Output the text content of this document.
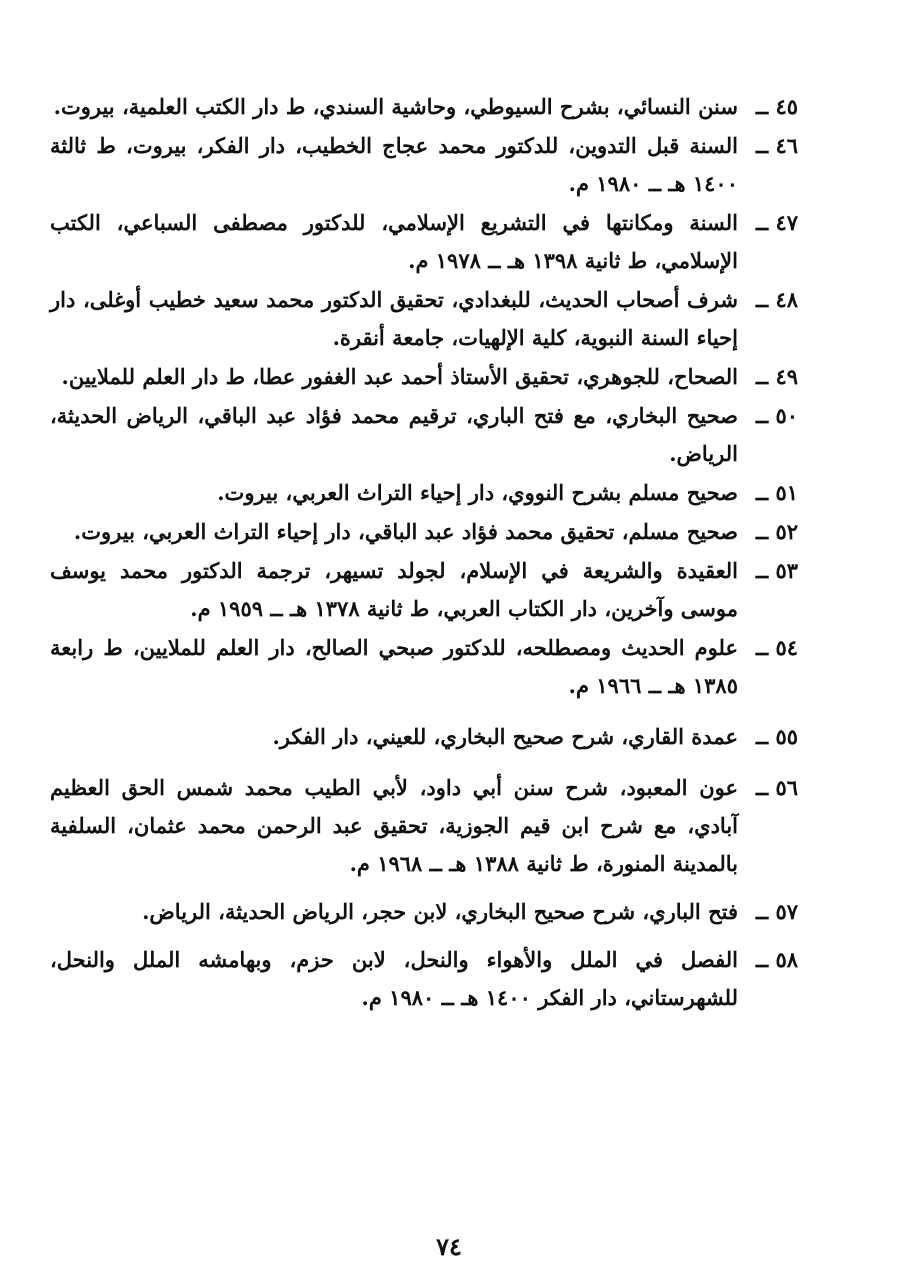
٤٥ ــ
سنن النسائي، بشرح السيوطي، وحاشية السندي، ط دار الكتب العلمية، بيروت.
٤٦ ــ
السنة قبل التدوين، للدكتور محمد عجاج الخطيب، دار الفكر، بيروت، ط ثالثة ١٤٠٠ هـ ــ ١٩٨٠ م.
٤٧ ــ
السنة ومكانتها في التشريع الإسلامي، للدكتور مصطفى السباعي، الكتب الإسلامي، ط ثانية ١٣٩٨ هـ ــ ١٩٧٨ م.
٤٨ ــ
شرف أصحاب الحديث، للبغدادي، تحقيق الدكتور محمد سعيد خطيب أوغلى، دار إحياء السنة النبوية، كلية الإلهيات، جامعة أنقرة.
٤٩ ــ
الصحاح، للجوهري، تحقيق الأستاذ أحمد عبد الغفور عطا، ط دار العلم للملايين.
٥٠ ــ
صحيح البخاري، مع فتح الباري، ترقيم محمد فؤاد عبد الباقي، الرياض الحديثة، الرياض.
٥١ ــ
صحيح مسلم بشرح النووي، دار إحياء التراث العربي، بيروت.
٥٢ ــ
صحيح مسلم، تحقيق محمد فؤاد عبد الباقي، دار إحياء التراث العربي، بيروت.
٥٣ ــ
العقيدة والشريعة في الإسلام، لجولد تسيهر، ترجمة الدكتور محمد يوسف موسى وآخرين، دار الكتاب العربي، ط ثانية ١٣٧٨ هـ ــ ١٩٥٩ م.
٥٤ ــ
علوم الحديث ومصطلحه، للدكتور صبحي الصالح، دار العلم للملايين، ط رابعة ١٣٨٥ هـ ــ ١٩٦٦ م.
٥٥ ــ
عمدة القاري، شرح صحيح البخاري، للعيني، دار الفكر.
٥٦ ــ
عون المعبود، شرح سنن أبي داود، لأبي الطيب محمد شمس الحق العظيم آبادي، مع شرح ابن قيم الجوزية، تحقيق عبد الرحمن محمد عثمان، السلفية بالمدينة المنورة، ط ثانية ١٣٨٨ هـ ــ ١٩٦٨ م.
٥٧ ــ
فتح الباري، شرح صحيح البخاري، لابن حجر، الرياض الحديثة، الرياض.
٥٨ ــ
الفصل في الملل والأهواء والنحل، لابن حزم، وبهامشه الملل والنحل، للشهرستاني، دار الفكر ١٤٠٠ هـ ــ ١٩٨٠ م.
٧٤
